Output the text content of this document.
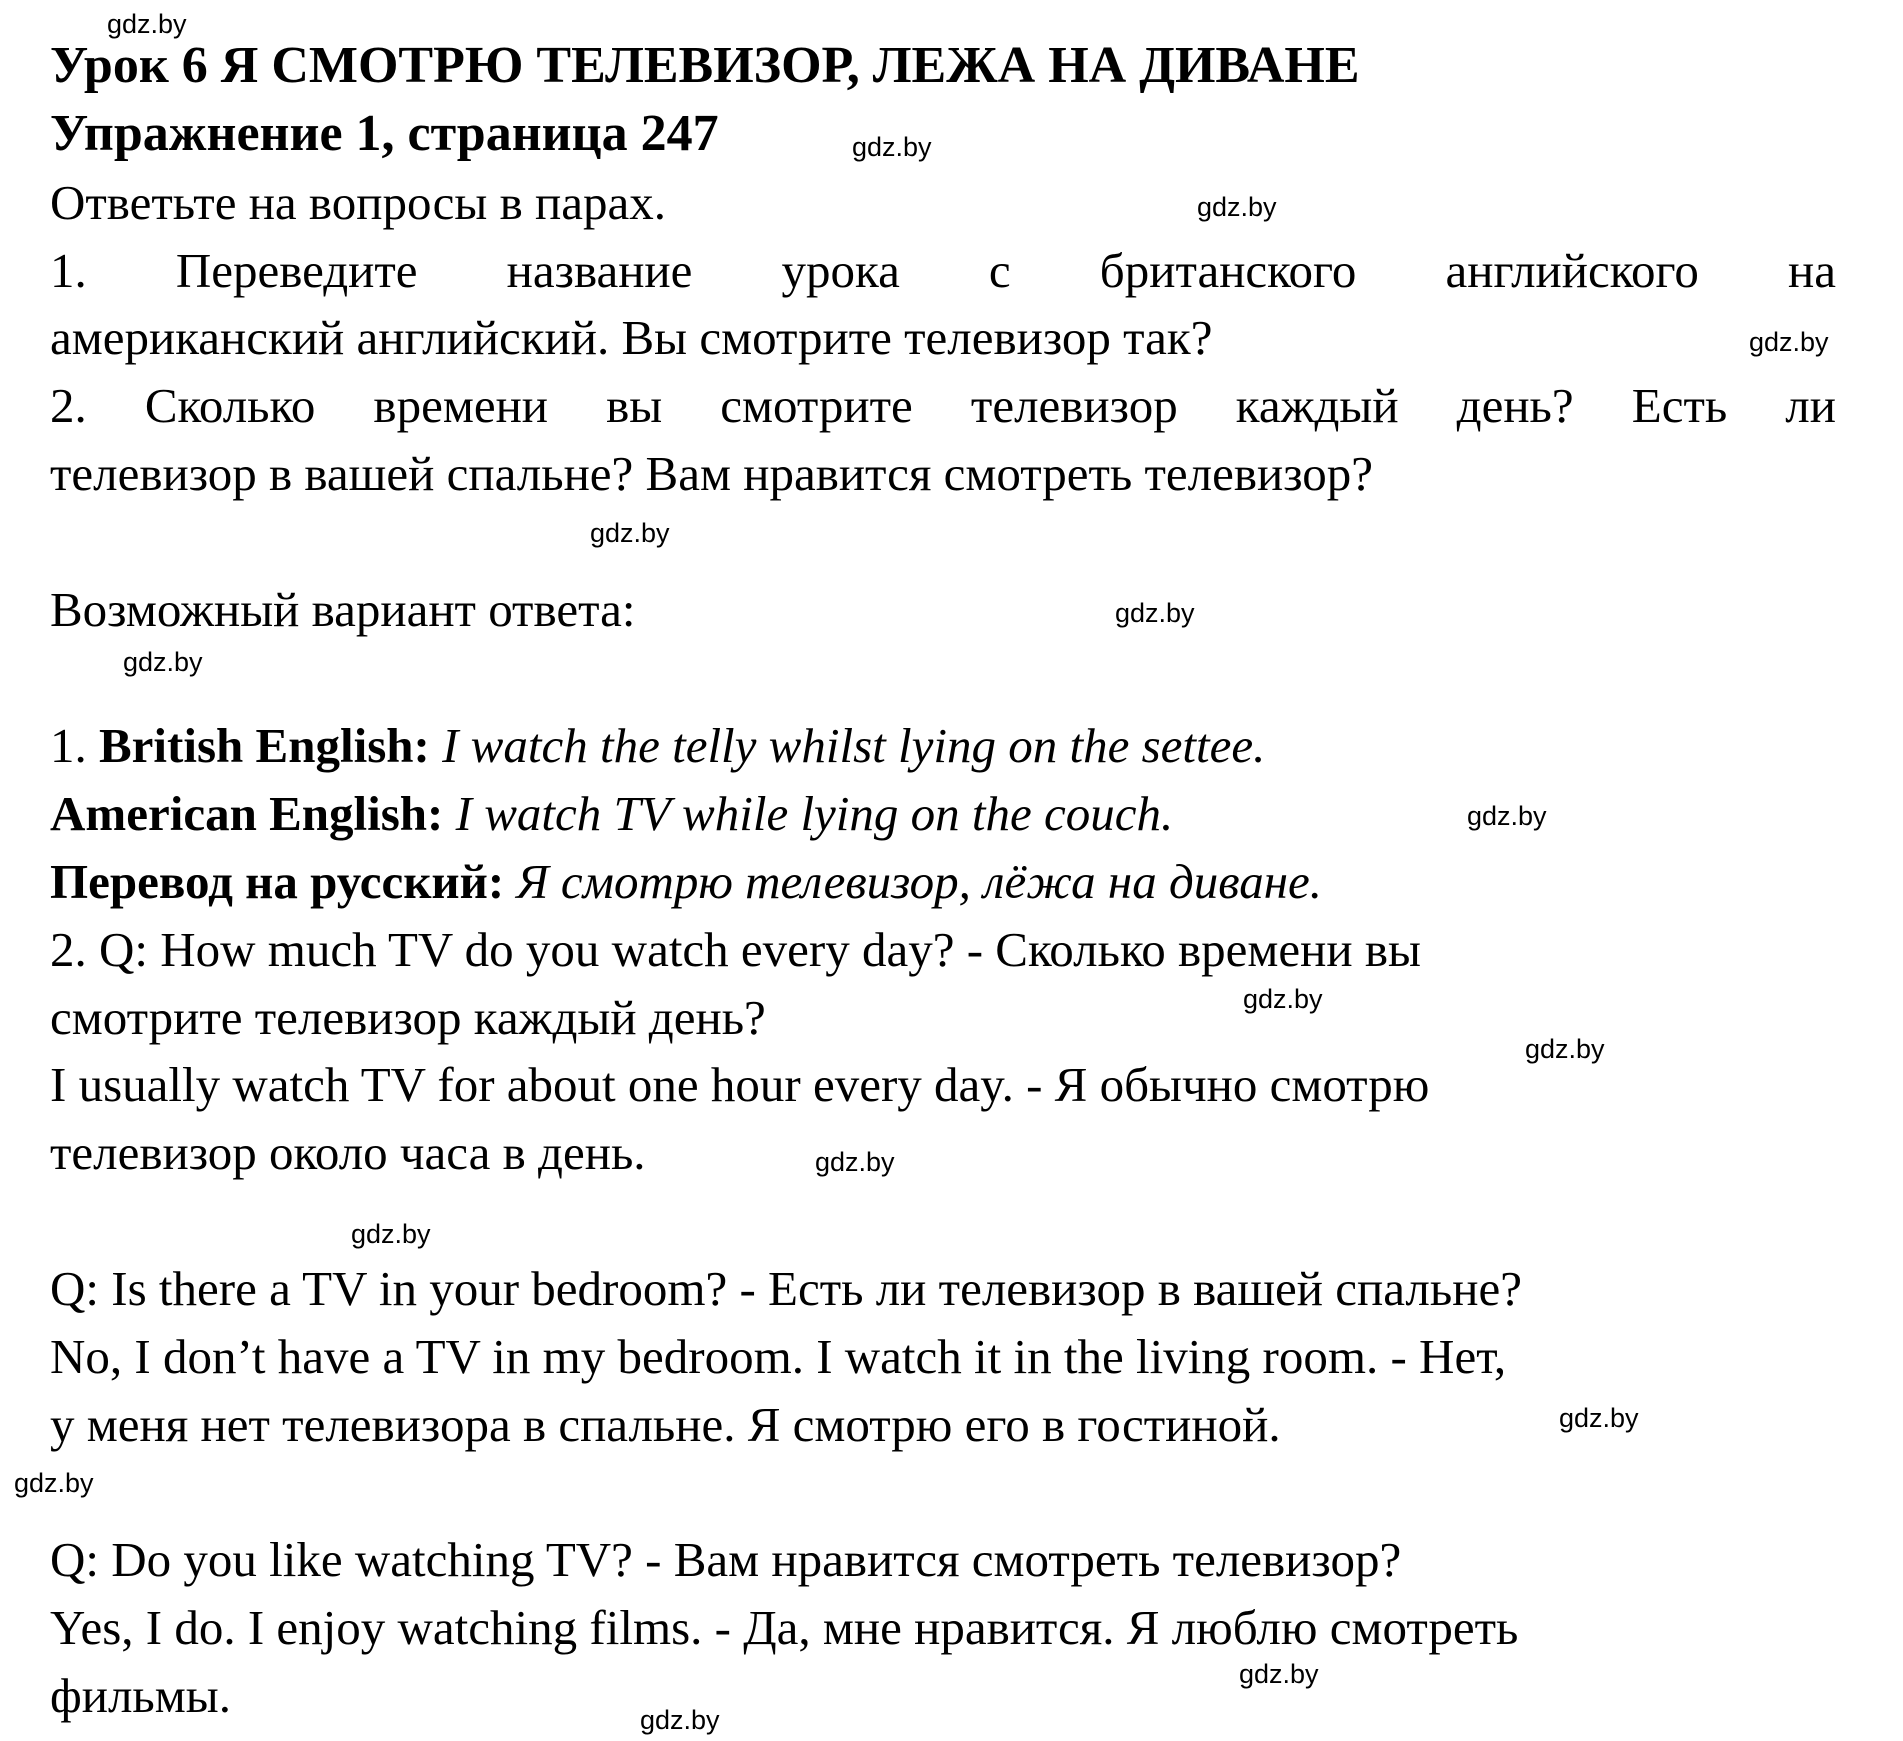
Урок 6 Я СМОТРЮ ТЕЛЕВИЗОР, ЛЕЖА НА ДИВАНЕ
Упражнение 1, страница 247
Ответьте на вопросы в парах.
1. Переведите название урока с британского английского на
американский английский. Вы смотрите телевизор так?
2. Сколько времени вы смотрите телевизор каждый день? Есть ли
телевизор в вашей спальне? Вам нравится смотреть телевизор?
Возможный вариант ответа:
1. British English: I watch the telly whilst lying on the settee.
American English: I watch TV while lying on the couch.
Перевод на русский: Я смотрю телевизор, лёжа на диване.
2. Q: How much TV do you watch every day? - Сколько времени вы
смотрите телевизор каждый день?
I usually watch TV for about one hour every day. - Я обычно смотрю
телевизор около часа в день.
Q: Is there a TV in your bedroom? - Есть ли телевизор в вашей спальне?
No, I don’t have a TV in my bedroom. I watch it in the living room. - Нет,
у меня нет телевизора в спальне. Я смотрю его в гостиной.
Q: Do you like watching TV? - Вам нравится смотреть телевизор?
Yes, I do. I enjoy watching films. - Да, мне нравится. Я люблю смотреть
фильмы.
gdz.by
gdz.by
gdz.by
gdz.by
gdz.by
gdz.by
gdz.by
gdz.by
gdz.by
gdz.by
gdz.by
gdz.by
gdz.by
gdz.by
gdz.by
gdz.by
